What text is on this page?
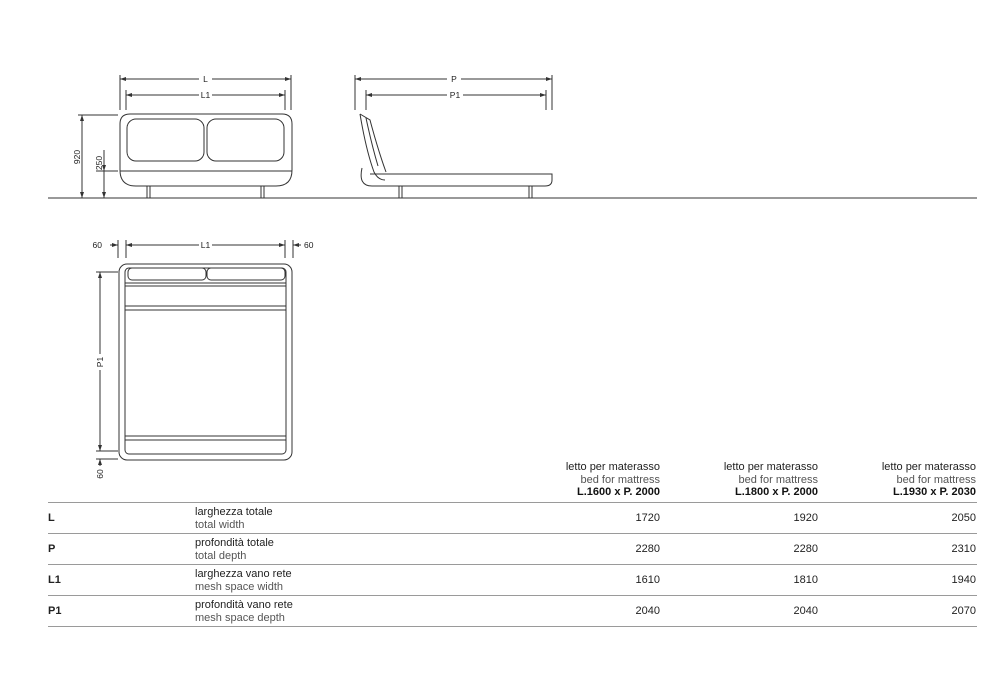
L
L1
920 250
P
P1
60	L1	60
P1
60
letto per materasso
bed for mattress
L.1600 x P. 2000
letto per materasso
bed for mattress
L.1800 x P. 2000
letto per materasso
bed for mattress
L.1930 x P. 2030
L	larghezza totale
total width
1720	1920	2050
P	profondità totale
total depth
2280	2280	2310
L1	larghezza vano rete
mesh space width
1610	1810	1940
P1	profondità vano rete
mesh space depth
2040	2040	2070
